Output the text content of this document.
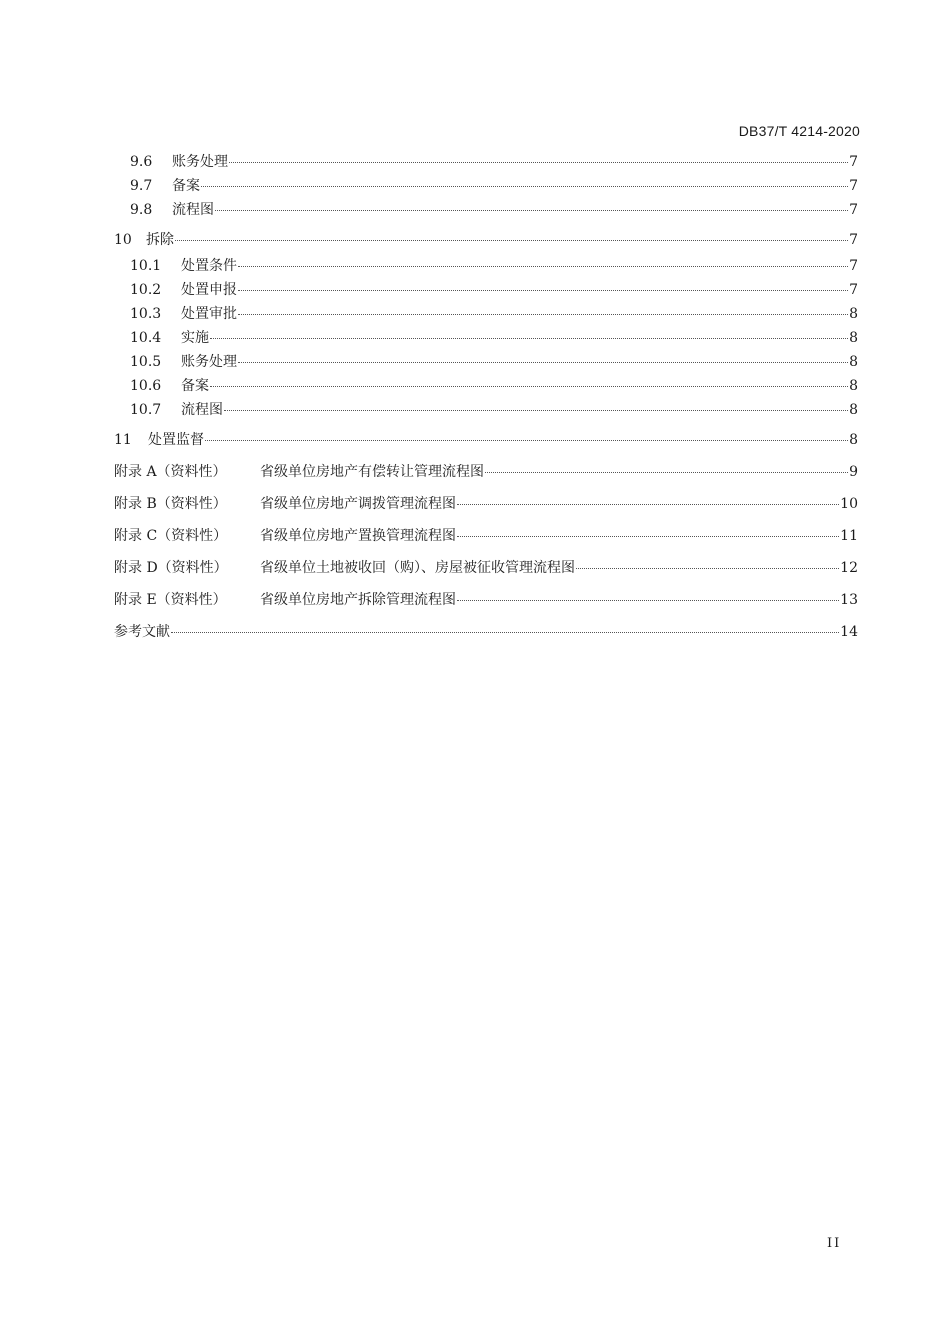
DB37/T 4214-2020
9.6	账务处理	7
9.7	备案	7
9.8	流程图	7
10	拆除	7
10.1	处置条件	7
10.2	处置申报	7
10.3	处置审批	8
10.4	实施	8
10.5	账务处理	8
10.6	备案	8
10.7	流程图	8
11	处置监督	8
附录 A（资料性）	省级单位房地产有偿转让管理流程图	9
附录 B（资料性）	省级单位房地产调拨管理流程图	10
附录 C（资料性）	省级单位房地产置换管理流程图	11
附录 D（资料性）	省级单位土地被收回（购）、房屋被征收管理流程图	12
附录 E（资料性）	省级单位房地产拆除管理流程图	13
参考文献	14
II
